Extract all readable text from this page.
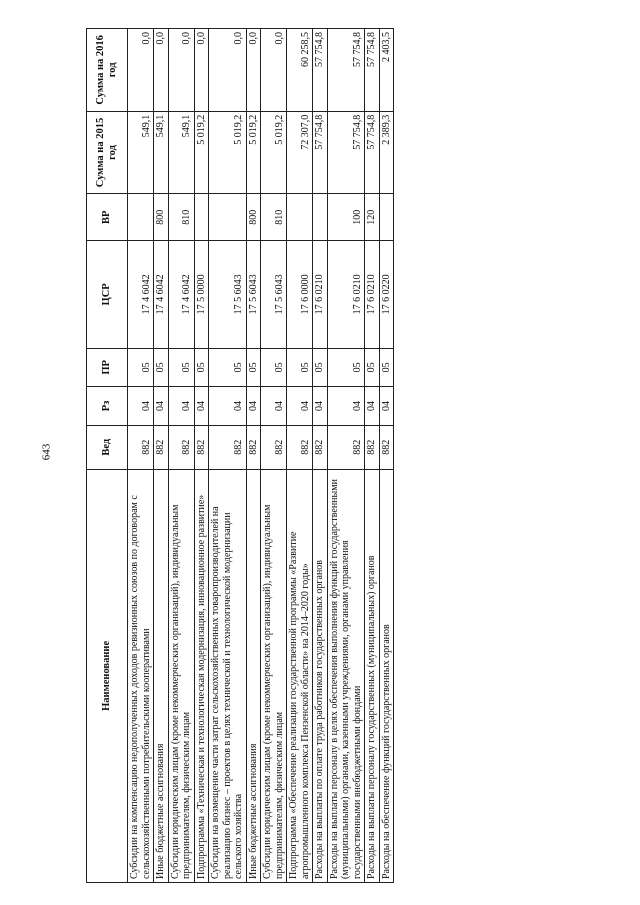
643
Наименование	Вед	Рз	ПР	ЦСР	ВР	Сумма на 2015 год	Сумма на 2016 год
Субсидии на компенсацию недополученных доходов ревизионных союзов по договорам с сельскохозяйственными потребительскими кооперативами	882	04	05	17 4 6042		549,1	0,0
Иные бюджетные ассигнования	882	04	05	17 4 6042	800	549,1	0,0
Субсидии юридическим лицам (кроме некоммерческих организаций), индивидуальным предпринимателям, физическим лицам	882	04	05	17 4 6042	810	549,1	0,0
Подпрограмма «Техническая и технологическая модернизация, инновационное развитие»	882	04	05	17 5 0000		5 019,2	0,0
Субсидии на возмещение части затрат сельскохозяйственных товаропроизводителей на реализацию бизнес – проектов в целях технической и технологической модернизации сельского хозяйства	882	04	05	17 5 6043		5 019,2	0,0
Иные бюджетные ассигнования	882	04	05	17 5 6043	800	5 019,2	0,0
Субсидии юридическим лицам (кроме некоммерческих организаций), индивидуальным предпринимателям, физическим лицам	882	04	05	17 5 6043	810	5 019,2	0,0
Подпрограмма «Обеспечение реализации государственной программы «Развитие агропромышленного комплекса Пензенской области» на 2014–2020 годы»	882	04	05	17 6 0000		72 307,0	60 258,5
Расходы на выплаты по оплате труда работников государственных органов	882	04	05	17 6 0210		57 754,8	57 754,8
Расходы на выплаты персоналу в целях обеспечения выполнения функций государственными (муниципальными) органами, казенными учреждениями, органами управления государственными внебюджетными фондами	882	04	05	17 6 0210	100	57 754,8	57 754,8
Расходы на выплаты персоналу государственных (муниципальных) органов	882	04	05	17 6 0210	120	57 754,8	57 754,8
Расходы на обеспечение функций государственных органов	882	04	05	17 6 0220		2 389,3	2 403,5
